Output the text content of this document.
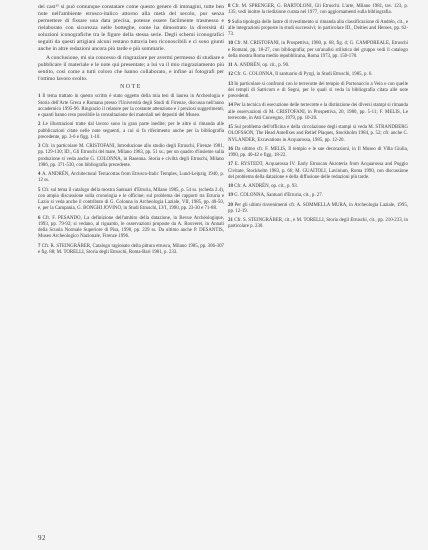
dei cast¹⁵ si può comunque constatare come questo genere di immagini, tutte ben note nell'ambiente etrusco-italico attorno alla metà del secolo, pur senza permettere di fissare una data precisa, potesse essere facilmente trasmesso e rielaborato con sicurezza nelle botteghe, come ha dimostrato la diversità di soluzioni iconografiche tra le figure della stessa serie. Degli schemi iconografici seguiti da questi artigiani alcuni restano tuttavia ben riconoscibili e ci sono giunti anche in altre redazioni ancora più tarde e più sommarie.

A conclusione, mi sia concesso di ringraziare per avermi permesso di studiare e pubblicare il materiale e le note qui presentate; a lui va il mio ringraziamento più sentito, così come a tutti coloro che hanno collaborato, e infine ai fotografi per l'ottimo lavoro svolto.

NOTE

1 Il tema trattato in questo scritto è stato oggetto della mia tesi di laurea in Archeologia e Storia dell'Arte Greca e Romana presso l'Università degli Studi di Firenze, discussa nell'anno accademico 1995-96. Ringrazio il relatore per la costante attenzione e i preziosi suggerimenti, e quanti hanno reso possibile la consultazione dei materiali nei depositi del Museo.

2 Le illustrazioni tratte dal lavoro sono in gran parte inedite; per le altre si rimanda alle pubblicazioni citate nelle note seguenti, a cui si fa riferimento anche per la bibliografia precedente, pp. 3-6 e figg. 1-10.

3 Cfr. in particolare M. CRISTOFANI, Introduzione allo studio degli Etruschi, Firenze 1981, pp. 129-130; ID., Gli Etruschi del mare, Milano 1983, pp. 51 ss.; per un quadro d'insieme sulla produzione si veda anche G. COLONNA, in Rasenna. Storia e civiltà degli Etruschi, Milano 1986, pp. 371-530, con bibliografia precedente.

4 A. ANDRÉN, Architectural Terracottas from Etrusco-Italic Temples, Lund-Leipzig 1940, p. 12 ss.

5 Cfr. sul tema il catalogo della mostra Santuari d'Etruria, Milano 1985, p. 54 ss. (scheda 2.4), con ampia discussione sulla cronologia e le officine; sul problema dei rapporti tra Etruria e Lazio si veda anche il contributo di G. Colonna in Archeologia Laziale, VII, 1985, pp. 40-50, e, per la Campania, G. BONGHI JOVINO, in Studi Etruschi, LVI, 1990, pp. 23-30 e 71-88.

6 Cfr. F. PESANDO, La definizione dell'ambito della datazione, in Revue Archéologique, 1993, pp. 79-92; si vedano, al riguardo, le osservazioni proposte da A. Rouveret, in Annali della Scuola Normale Superiore di Pisa, 1990, pp. 229 ss. Da ultimo anche P. DESANTIS, Museo Archeologico Nazionale, Firenze 1996.

7 Cfr. R. STEINGRÄBER, Catalogo ragionato della pittura etrusca, Milano 1985, pp. 306-307 e fig. 88; M. TORELLI, Storia degli Etruschi, Roma-Bari 1981, p. 233.

8 Cfr. M. SPRENGER, G. BARTOLONI, Gli Etruschi. L'arte, Milano 1981, tav. 123, p. 135; vedi inoltre la riedizione curata nel 1977, con aggiornamenti sulla bibliografia.

9 Sulla tipologia delle lastre di rivestimento si rimanda alla classificazione di Andrén, cit., e alle integrazioni proposte in studi successivi; in particolare ID., Deities and Heroes, pp. 62-73.

10 Cfr. M. CRISTOFANI, in Prospettiva, 1980, p. 68, fig. 4; G. CAMPOREALE, Etruschi e Romani, pp. 18-27, con bibliografia; per un'analisi stilistica del gruppo vedi il catalogo della mostra Roma medio repubblicana, Roma 1973, pp. 150-178.

11 A. ANDRÉN, op. cit., p. 90.

12 Cfr. G. COLONNA, Il santuario di Pyrgi, in Studi Etruschi, 1985, p. 6.

13 In particolare si confronti con le terrecotte del tempio di Portonaccio a Veio e con quelle dei templi di Satricum e di Segni, per le quali si veda la bibliografia citata alle note precedenti.

14 Per la tecnica di esecuzione delle terrecotte e la distinzione dei diversi stampi si rimanda alle osservazioni di M. CRISTOFANI, in Prospettiva, 20, 1980, pp. 5-11; F. MELIS, Le terrecotte, in Atti Convegno, 1979, pp. 10-20.

15 Sul problema dell'officina e della circolazione degli stampi si veda M. STRANDBERG OLOFSSON, The Head Antefixes and Relief Plaques, Stockholm 1984, p. 52; cfr. anche C. NYLANDER, Excavations in Acquarossa, 1985, pp. 12-20.

16 Da ultimo cfr. F. MELIS, Il tempio e le sue decorazioni, in Il Museo di Villa Giulia, 1990, pp. 40-42 e figg. 18-22.

17 E. RYSTEDT, Acquarossa IV. Early Etruscan Akroteria from Acquarossa and Poggio Civitate, Stockholm 1983, p. 66; M. GUAITOLI, Lavinium, Roma 1990, con discussione del problema della datazione e della diffusione delle redazioni più tarde.

18 Cfr. A. ANDRÉN, op. cit., p. 93.

19 G. COLONNA, Santuari d'Etruria, cit., p. 27.

20 Per gli ultimi rinvenimenti cfr. A. SOMMELLA MURA, in Archeologia Laziale, 1995, pp. 12-19.

21 Cfr. S. STEINGRÄBER, cit., e M. TORELLI, Storia degli Etruschi, cit., pp. 210-233, in particolare p. 230.

92
